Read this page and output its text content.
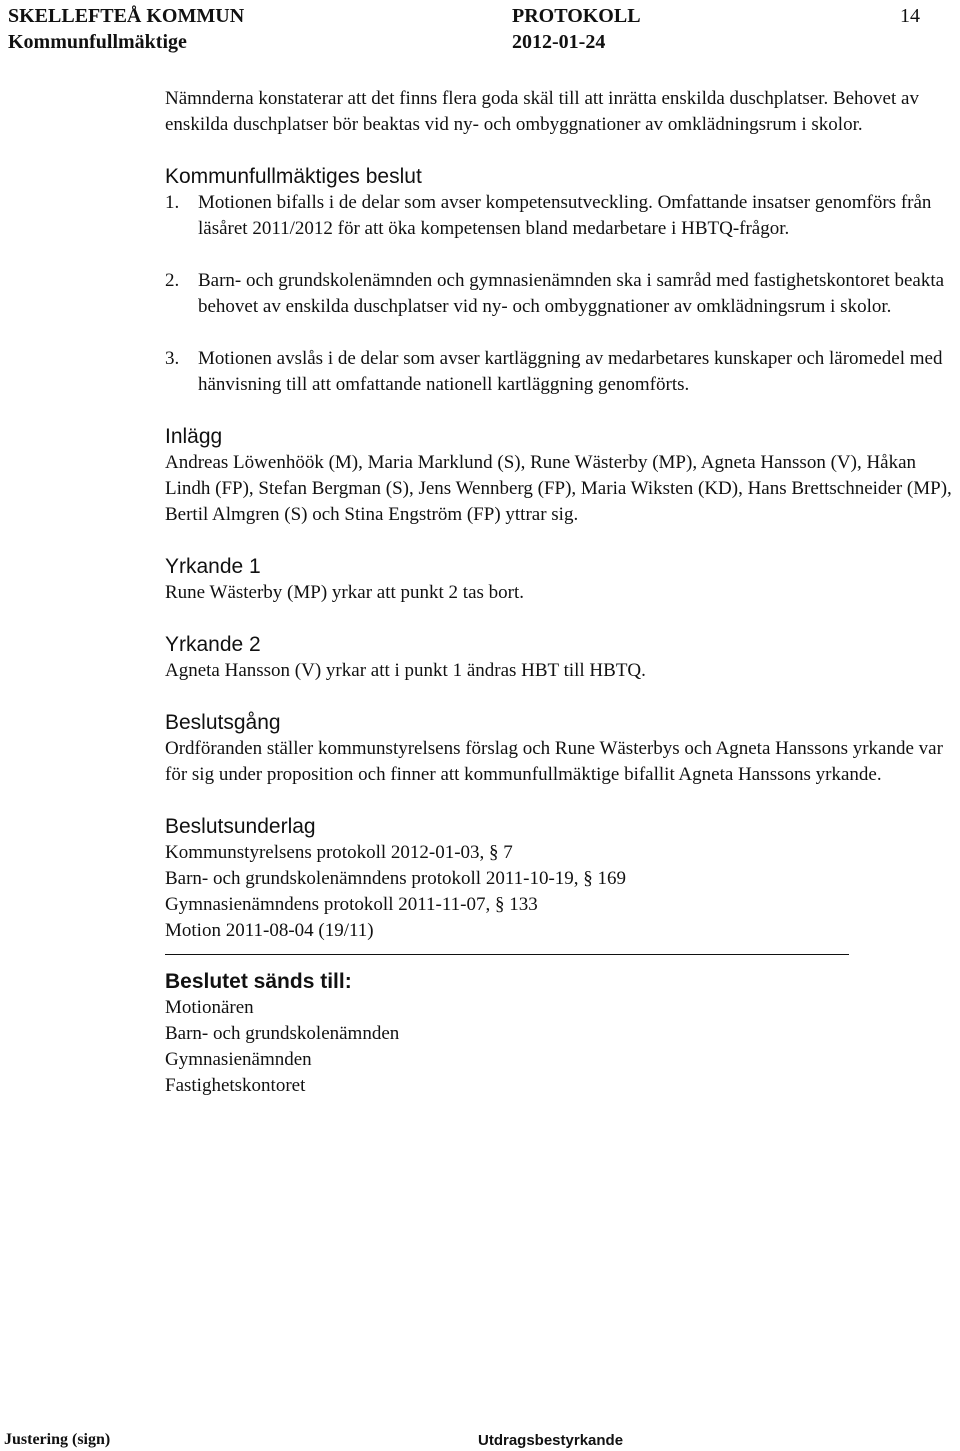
SKELLEFTEÅ KOMMUN
Kommunfullmäktige
PROTOKOLL
2012-01-24
14

Nämnderna konstaterar att det finns flera goda skäl till att inrätta enskilda duschplatser. Behovet av enskilda duschplatser bör beaktas vid ny- och ombyggnationer av omklädningsrum i skolor.

Kommunfullmäktiges beslut

1. Motionen bifalls i de delar som avser kompetensutveckling. Omfattande insatser genomförs från läsåret 2011/2012 för att öka kompetensen bland medarbetare i HBTQ-frågor.
2. Barn- och grundskolenämnden och gymnasienämnden ska i samråd med fastighetskontoret beakta behovet av enskilda duschplatser vid ny- och ombyggnationer av omklädningsrum i skolor.
3. Motionen avslås i de delar som avser kartläggning av medarbetares kunskaper och läromedel med hänvisning till att omfattande nationell kartläggning genomförts.

Inlägg

Andreas Löwenhöök (M), Maria Marklund (S), Rune Wästerby (MP), Agneta Hansson (V), Håkan Lindh (FP), Stefan Bergman (S), Jens Wennberg (FP), Maria Wiksten (KD), Hans Brettschneider (MP), Bertil Almgren (S) och Stina Engström (FP) yttrar sig.

Yrkande 1

Rune Wästerby (MP) yrkar att punkt 2 tas bort.

Yrkande 2

Agneta Hansson (V) yrkar att i punkt 1 ändras HBT till HBTQ.

Beslutsgång

Ordföranden ställer kommunstyrelsens förslag och Rune Wästerbys och Agneta Hanssons yrkande var för sig under proposition och finner att kommunfullmäktige bifallit Agneta Hanssons yrkande.

Beslutsunderlag

Kommunstyrelsens protokoll 2012-01-03, § 7

Barn- och grundskolenämndens protokoll 2011-10-19, § 169

Gymnasienämndens protokoll 2011-11-07, § 133

Motion 2011-08-04 (19/11)

Beslutet sänds till:

Motionären

Barn- och grundskolenämnden

Gymnasienämnden

Fastighetskontoret

Justering (sign)	Utdragsbestyrkande
